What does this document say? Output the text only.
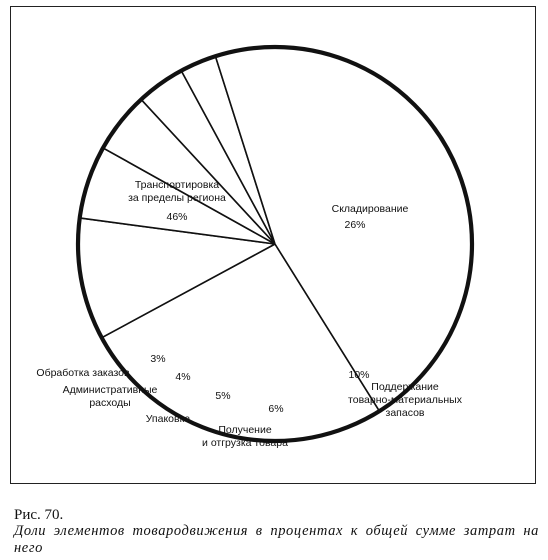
26%
Складирование
10%
Поддержание товарно-материальных запасов
6%
Получение и отгрузка товара
5%
Упаковка
4%
Административные расходы
3%
Обработка заказов
46%
Транспортировка за пределы региона
Рис. 70.
Доли элементов товародвижения в процентах к общей сумме затрат на него
